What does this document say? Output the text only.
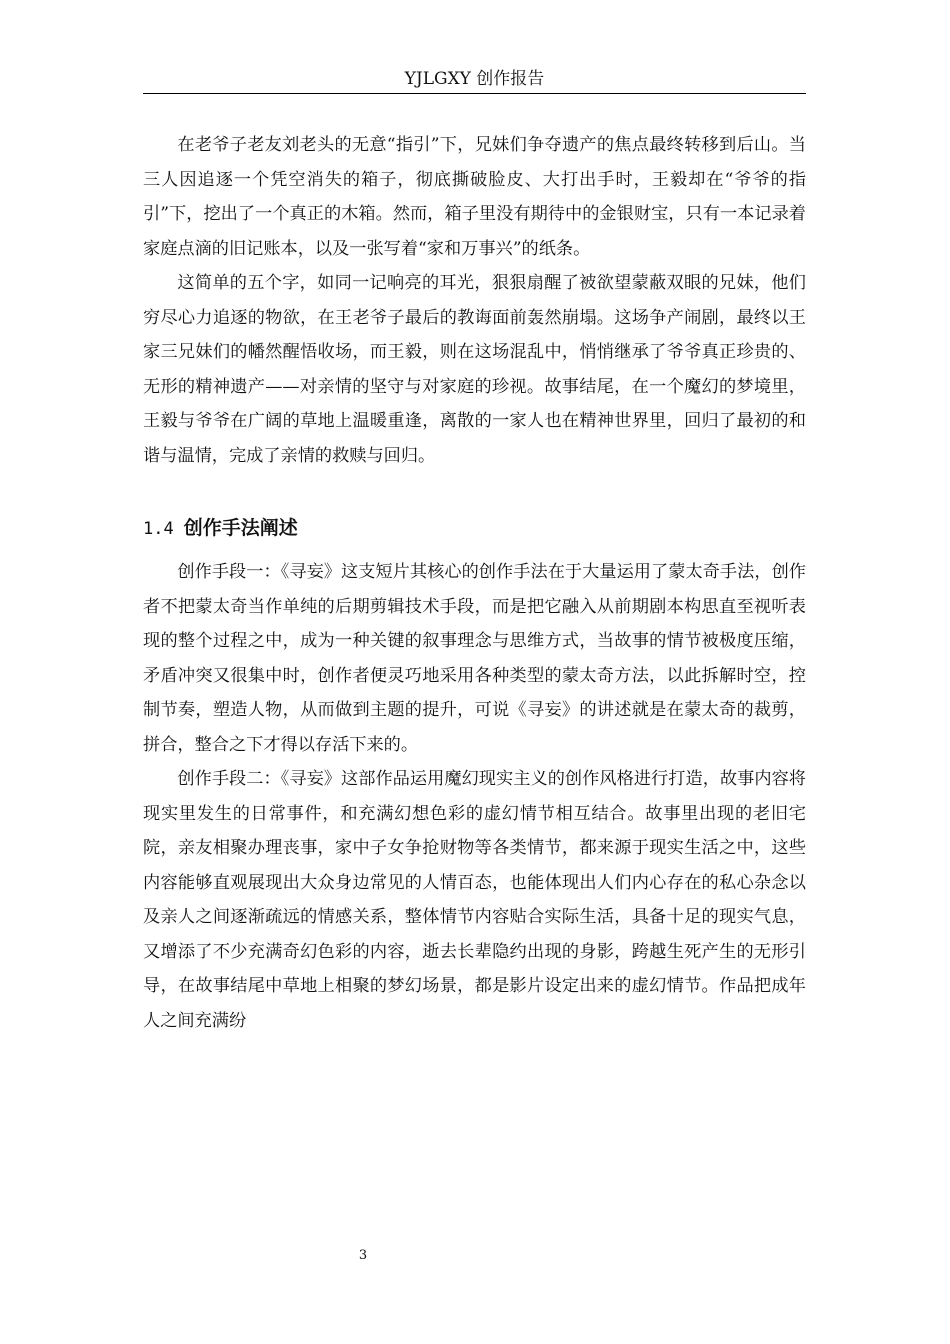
YJLGXY 创作报告

在老爷子老友刘老头的无意“指引”下，兄妹们争夺遗产的焦点最终转移到后山。当三人因追逐一个凭空消失的箱子，彻底撕破脸皮、大打出手时，王毅却在“爷爷的指引”下，挖出了一个真正的木箱。然而，箱子里没有期待中的金银财宝，只有一本记录着家庭点滴的旧记账本，以及一张写着“家和万事兴”的纸条。

这简单的五个字，如同一记响亮的耳光，狠狠扇醒了被欲望蒙蔽双眼的兄妹，他们穷尽心力追逐的物欲，在王老爷子最后的教诲面前轰然崩塌。这场争产闹剧，最终以王家三兄妹们的幡然醒悟收场，而王毅，则在这场混乱中，悄悄继承了爷爷真正珍贵的、无形的精神遗产——对亲情的坚守与对家庭的珍视。故事结尾，在一个魔幻的梦境里，王毅与爷爷在广阔的草地上温暖重逢，离散的一家人也在精神世界里，回归了最初的和谐与温情，完成了亲情的救赎与回归。

1.4 创作手法阐述

创作手段一：《寻妄》这支短片其核心的创作手法在于大量运用了蒙太奇手法，创作者不把蒙太奇当作单纯的后期剪辑技术手段，而是把它融入从前期剧本构思直至视听表现的整个过程之中，成为一种关键的叙事理念与思维方式，当故事的情节被极度压缩，矛盾冲突又很集中时，创作者便灵巧地采用各种类型的蒙太奇方法，以此拆解时空，控制节奏，塑造人物，从而做到主题的提升，可说《寻妄》的讲述就是在蒙太奇的裁剪，拼合，整合之下才得以存活下来的。

创作手段二：《寻妄》这部作品运用魔幻现实主义的创作风格进行打造，故事内容将现实里发生的日常事件，和充满幻想色彩的虚幻情节相互结合。故事里出现的老旧宅院，亲友相聚办理丧事，家中子女争抢财物等各类情节，都来源于现实生活之中，这些内容能够直观展现出大众身边常见的人情百态，也能体现出人们内心存在的私心杂念以及亲人之间逐渐疏远的情感关系，整体情节内容贴合实际生活，具备十足的现实气息，又增添了不少充满奇幻色彩的内容，逝去长辈隐约出现的身影，跨越生死产生的无形引导，在故事结尾中草地上相聚的梦幻场景，都是影片设定出来的虚幻情节。作品把成年人之间充满纷

3
